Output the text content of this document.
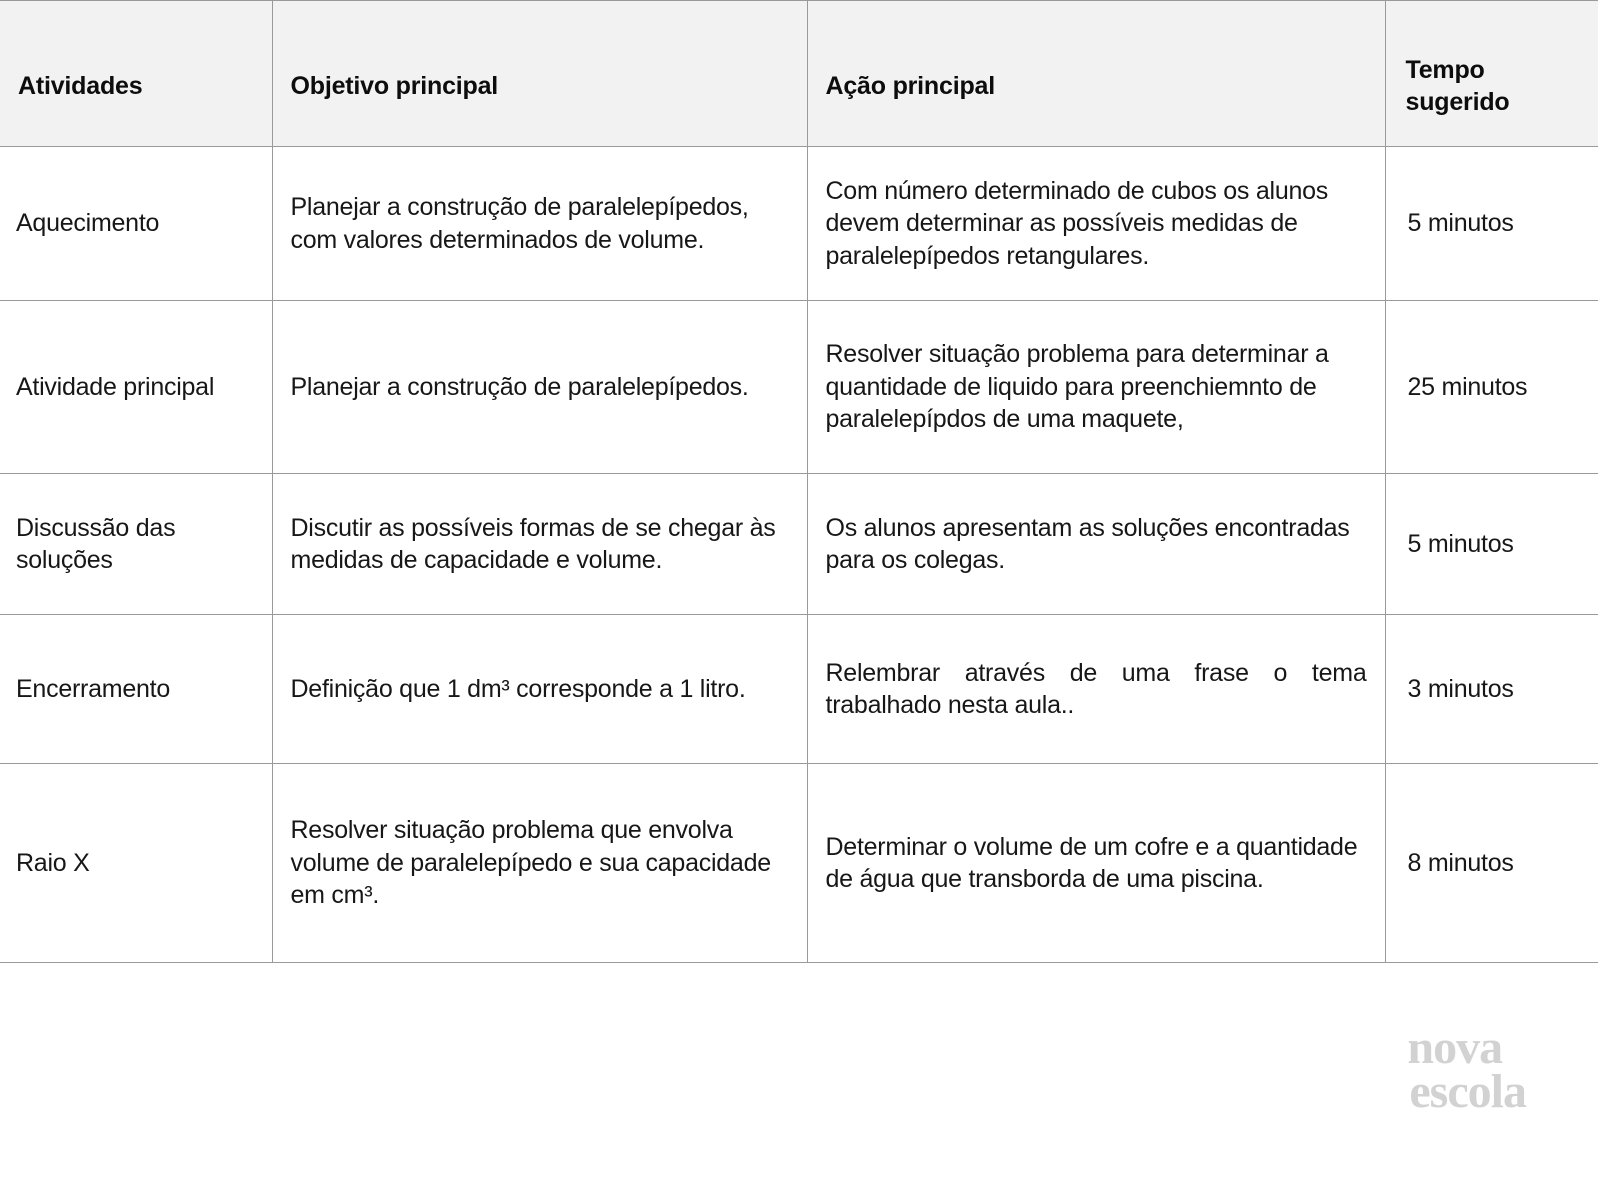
Atividades	Objetivo principal	Ação principal	Tempo
sugerido

Aquecimento	Planejar a construção de paralelepípedos, com valores determinados de volume.	Com número determinado de cubos os alunos devem determinar as possíveis medidas de paralelepípedos retangulares.	5 minutos

Atividade principal	Planejar a construção de paralelepípedos.	Resolver situação problema para determinar a quantidade de liquido para preenchiemnto de paralelepípdos de uma maquete,	25 minutos

Discussão das soluções	Discutir as possíveis formas de se chegar às medidas de capacidade e volume.	Os alunos apresentam as soluções encontradas para os colegas.	5 minutos

Encerramento	Definição que 1 dm³ corresponde a 1 litro.	Relembrar através de uma frase o tema trabalhado nesta aula..	3 minutos

Raio X	Resolver situação problema que envolva volume de paralelepípedo e sua capacidade em cm³.	Determinar o volume de um cofre e a quantidade de água que transborda de uma piscina.	8 minutos
nova
escola
